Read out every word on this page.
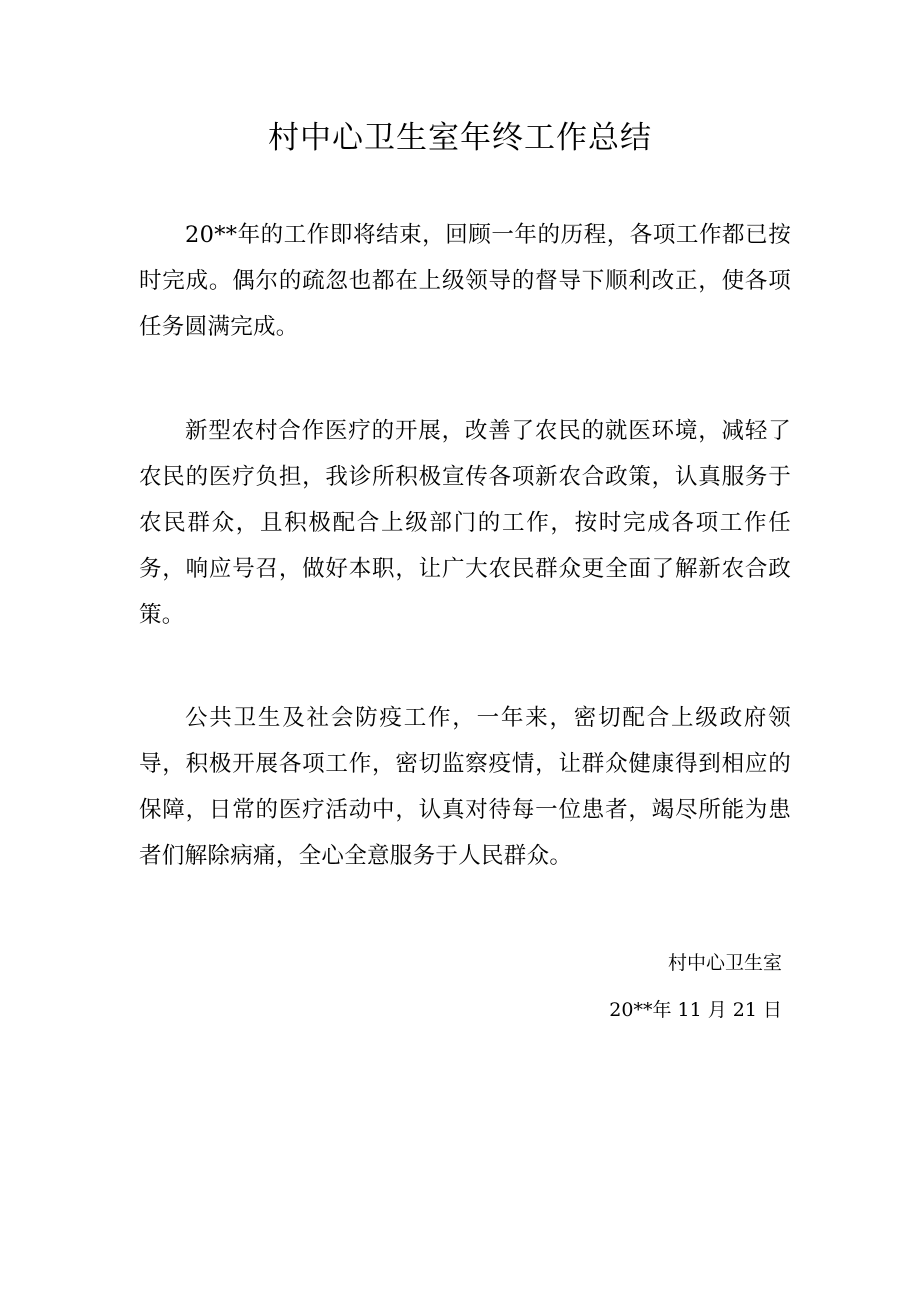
村中心卫生室年终工作总结

20**年的工作即将结束，回顾一年的历程，各项工作都已按时完成。偶尔的疏忽也都在上级领导的督导下顺利改正，使各项任务圆满完成。

新型农村合作医疗的开展，改善了农民的就医环境，减轻了农民的医疗负担，我诊所积极宣传各项新农合政策，认真服务于农民群众，且积极配合上级部门的工作，按时完成各项工作任务，响应号召，做好本职，让广大农民群众更全面了解新农合政策。

公共卫生及社会防疫工作，一年来，密切配合上级政府领导，积极开展各项工作，密切监察疫情，让群众健康得到相应的保障，日常的医疗活动中，认真对待每一位患者，竭尽所能为患者们解除病痛，全心全意服务于人民群众。

村中心卫生室

20**年 11 月 21 日
